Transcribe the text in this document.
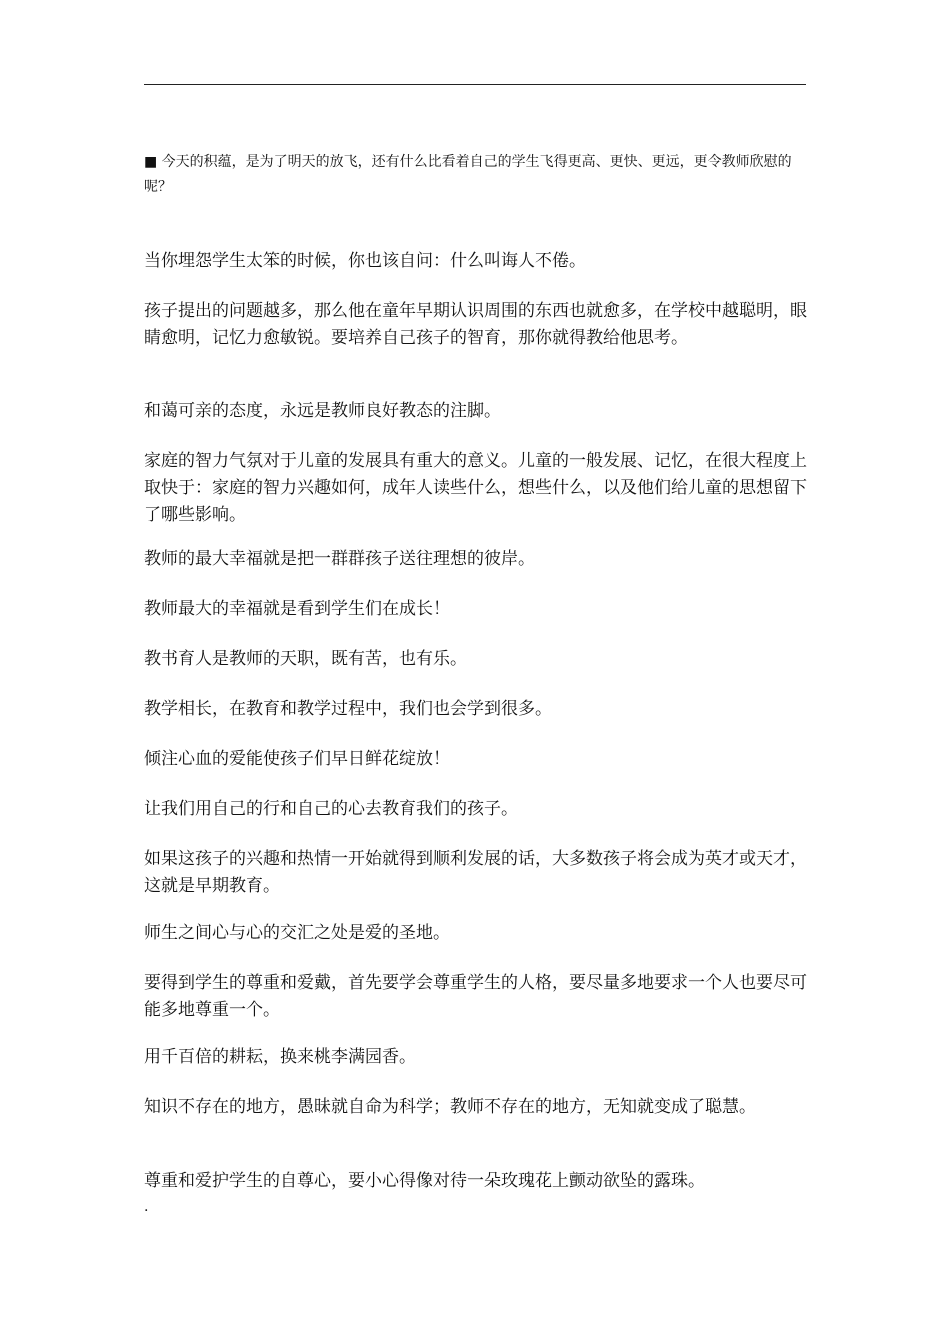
■ 今天的积蕴，是为了明天的放飞，还有什么比看着自己的学生飞得更高、更快、更远，更令教师欣慰的呢？

当你埋怨学生太笨的时候，你也该自问：什么叫诲人不倦。

孩子提出的问题越多，那么他在童年早期认识周围的东西也就愈多，在学校中越聪明，眼睛愈明，记忆力愈敏锐。要培养自己孩子的智育，那你就得教给他思考。

和蔼可亲的态度，永远是教师良好教态的注脚。

家庭的智力气氛对于儿童的发展具有重大的意义。儿童的一般发展、记忆，在很大程度上取快于：家庭的智力兴趣如何，成年人读些什么，想些什么，以及他们给儿童的思想留下了哪些影响。

教师的最大幸福就是把一群群孩子送往理想的彼岸。

教师最大的幸福就是看到学生们在成长！

教书育人是教师的天职，既有苦，也有乐。

教学相长，在教育和教学过程中，我们也会学到很多。

倾注心血的爱能使孩子们早日鲜花绽放！

让我们用自己的行和自己的心去教育我们的孩子。

如果这孩子的兴趣和热情一开始就得到顺利发展的话，大多数孩子将会成为英才或天才，这就是早期教育。

师生之间心与心的交汇之处是爱的圣地。

要得到学生的尊重和爱戴，首先要学会尊重学生的人格，要尽量多地要求一个人也要尽可能多地尊重一个。

用千百倍的耕耘，换来桃李满园香。

知识不存在的地方，愚昧就自命为科学；教师不存在的地方，无知就变成了聪慧。

尊重和爱护学生的自尊心，要小心得像对待一朵玫瑰花上颤动欲坠的露珠。

.
